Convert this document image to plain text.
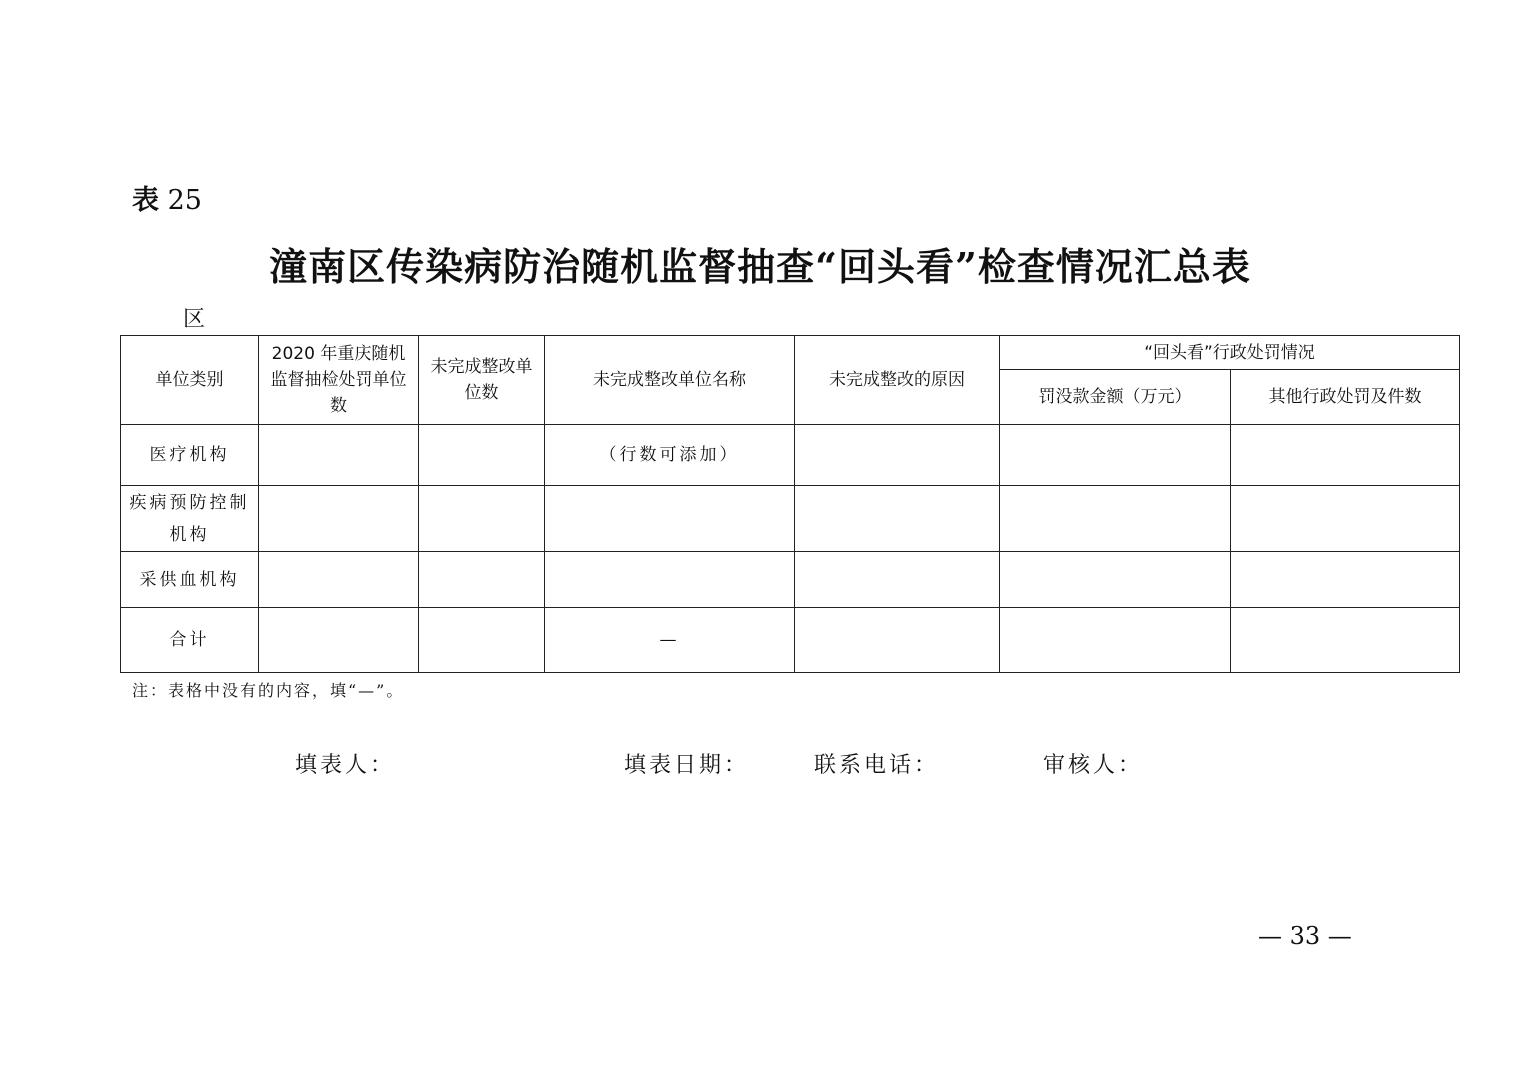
表 25
潼南区传染病防治随机监督抽查“回头看”检查情况汇总表
区
单位类别	2020 年重庆随机监督抽检处罚单位数	未完成整改单位数	未完成整改单位名称	未完成整改的原因	“回头看”行政处罚情况	
					罚没款金额（万元）	其他行政处罚及件数
医疗机构			（行数可添加）			
疾病预防控制机构						
采供血机构						
合计			—			
注：表格中没有的内容，填“—”。
填表人：	填表日期：	联系电话：	审核人：
— 33 —
